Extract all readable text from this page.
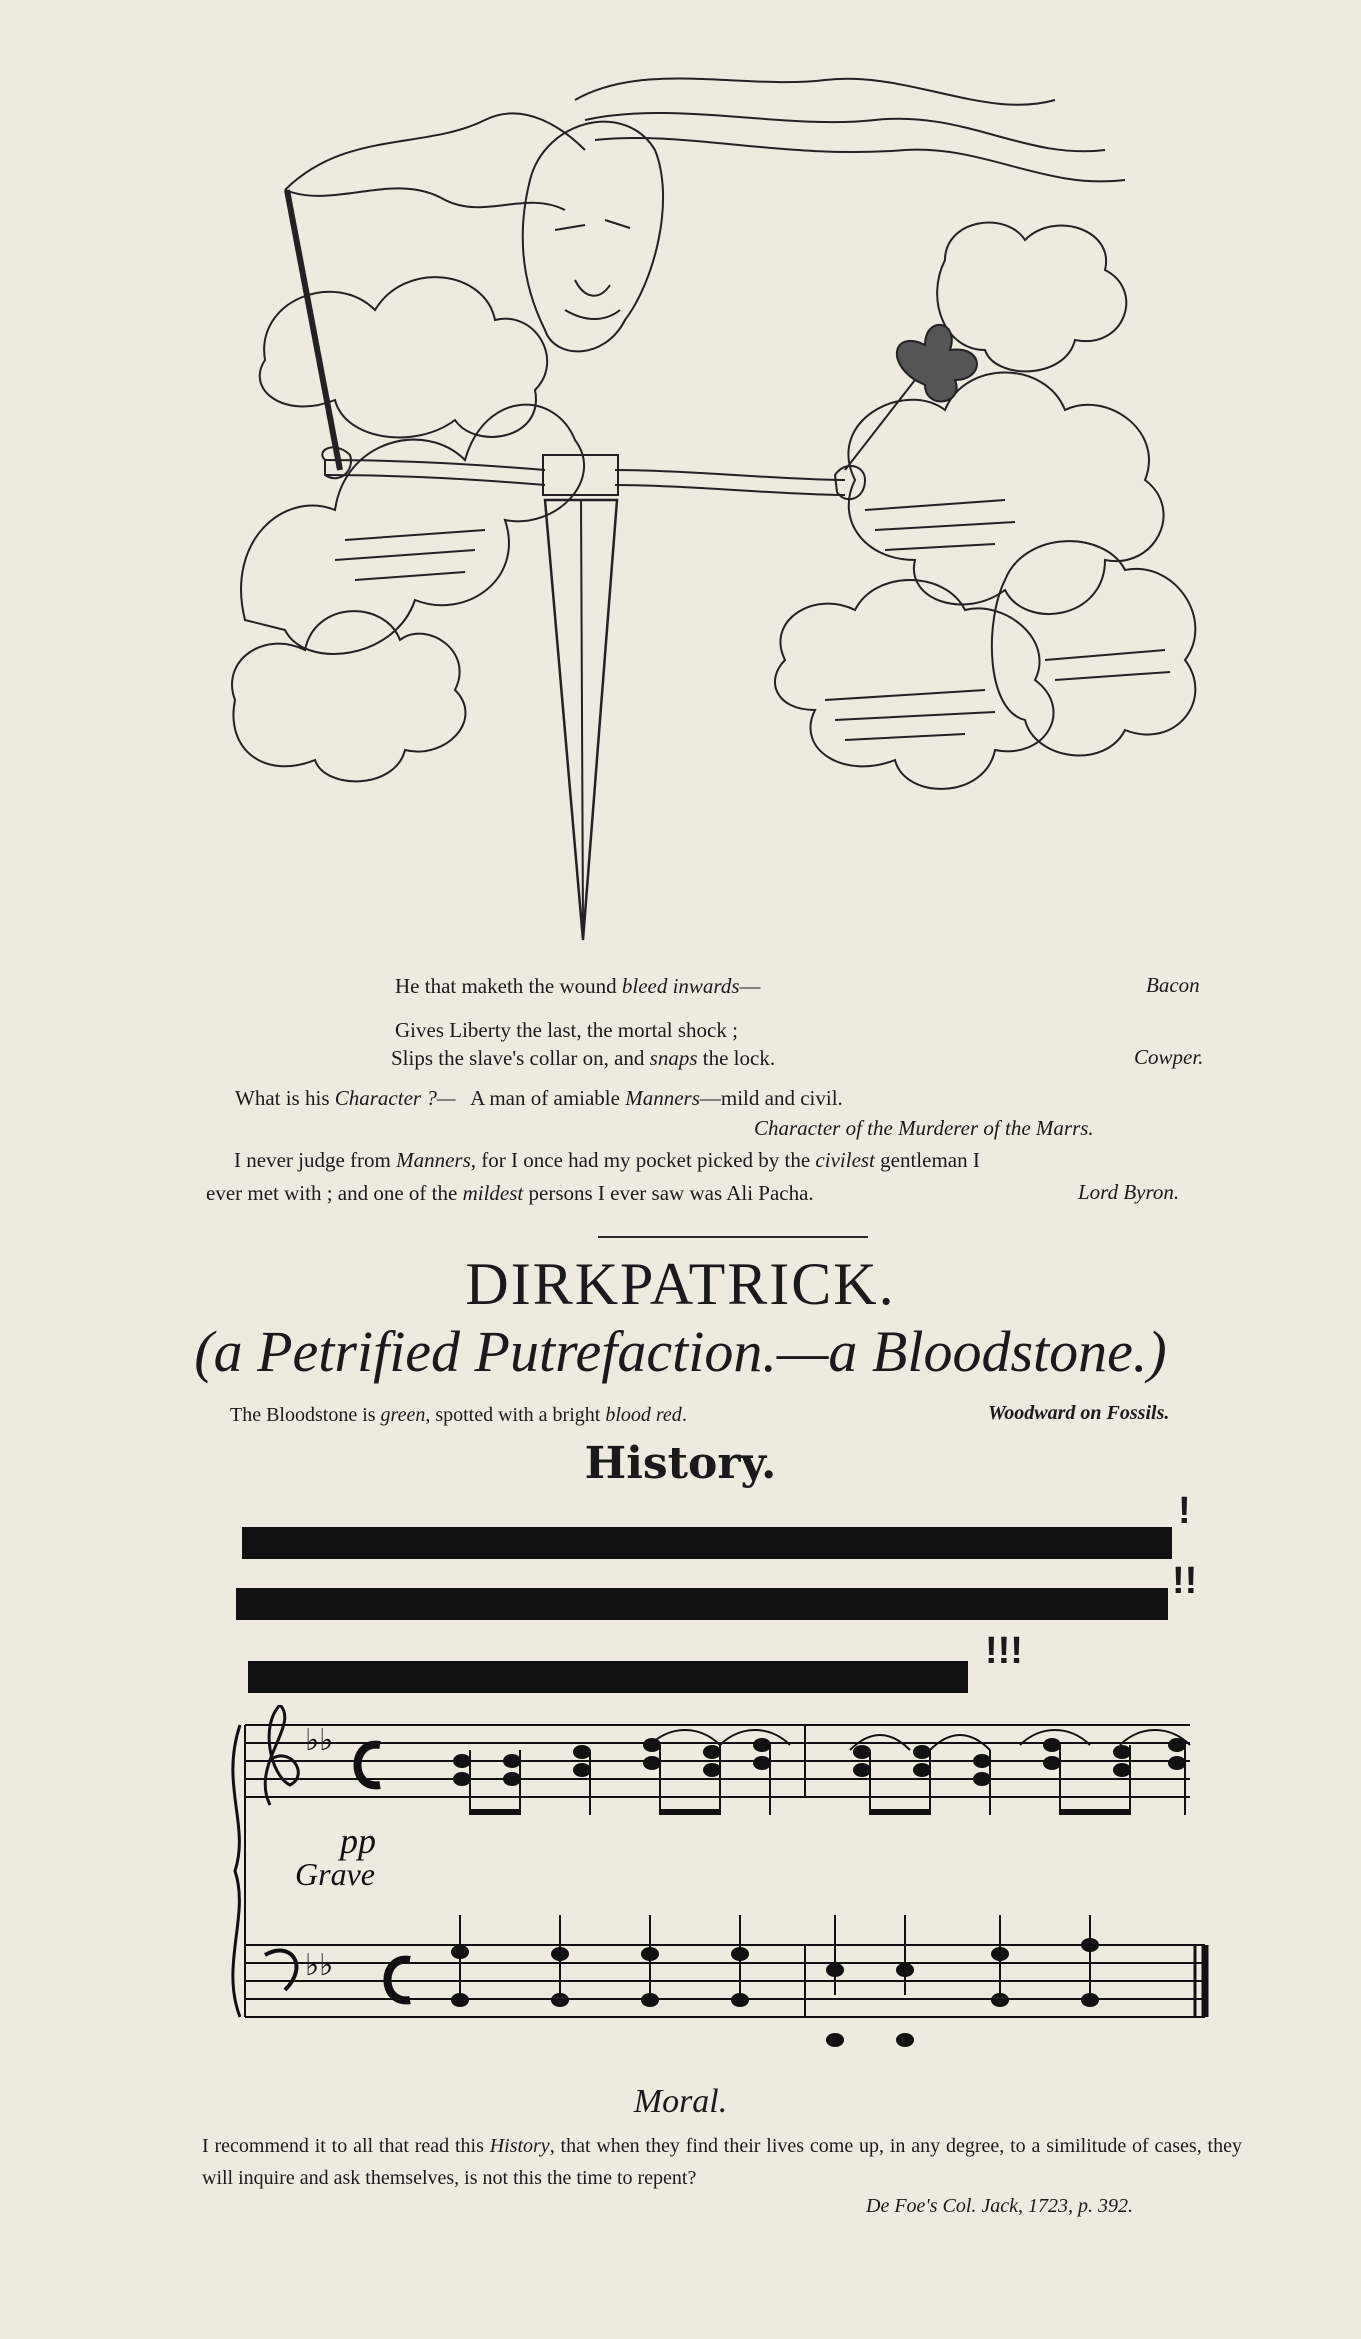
He that maketh the wound bleed inwards—	Bacon
Gives Liberty the last, the mortal shock ;
Slips the slave's collar on, and snaps the lock.	Cowper.
What is his Character ?—   A man of amiable Manners—mild and civil.
Character of the Murderer of the Marrs.
I never judge from Manners, for I once had my pocket picked by the civilest gentleman I
ever met with ; and one of the mildest persons I ever saw was Ali Pacha.	Lord Byron.
DIRKPATRICK.
(a Petrified Putrefaction.—a Bloodstone.)
The Bloodstone is green, spotted with a bright blood red.	Woodward on Fossils.
History.
!
!!
!!!
♭♭
♭♭
pp
Grave
Moral.
I recommend it to all that read this History, that when they find their lives come up, in any degree, to a similitude of cases, they will inquire and ask themselves, is not this the time to repent?
De Foe's Col. Jack, 1723, p. 392.
